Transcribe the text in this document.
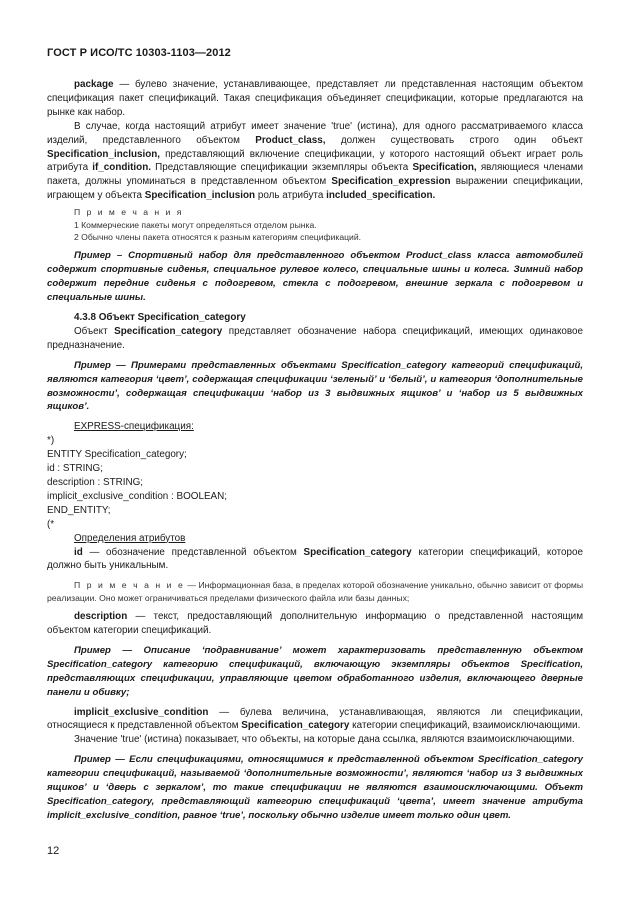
ГОСТ Р ИСО/ТС 10303-1103—2012

package — булево значение, устанавливающее, представляет ли представленная настоящим объектом спецификация пакет спецификаций. Такая спецификация объединяет спецификации, которые предлагаются на рынке как набор.

В случае, когда настоящий атрибут имеет значение 'true' (истина), для одного рассматриваемого класса изделий, представленного объектом Product_class, должен существовать строго один объект Specification_inclusion, представляющий включение спецификации, у которого настоящий объект играет роль атрибута if_condition. Представляющие спецификации экземпляры объекта Specification, являющиеся членами пакета, должны упоминаться в представленном объектом Specification_expression выражении спецификации, играющем у объекта Specification_inclusion роль атрибута included_specification.

П р и м е ч а н и я

1 Коммерческие пакеты могут определяться отделом рынка.

2 Обычно члены пакета относятся к разным категориям спецификаций.

Пример – Спортивный набор для представленного объектом Product_class класса автомобилей содержит спортивные сиденья, специальное рулевое колесо, специальные шины и колеса. Зимний набор содержит передние сиденья с подогревом, стекла с подогревом, внешние зеркала с подогревом и специальные шины.

4.3.8 Объект Specification_category

Объект Specification_category представляет обозначение набора спецификаций, имеющих одинаковое предназначение.

Пример — Примерами представленных объектами Specification_category категорий спецификаций, являются категория ‘цвет’, содержащая спецификации ‘зеленый’ и ‘белый’, и категория ‘дополнительные возможности’, содержащая спецификации ‘набор из 3 выдвижных ящиков’ и ‘набор из 5 выдвижных ящиков’.

EXPRESS-спецификация:

*)

ENTITY Specification_category;

id : STRING;

description : STRING;

implicit_exclusive_condition : BOOLEAN;

END_ENTITY;

(*

Определения атрибутов

id — обозначение представленной объектом Specification_category категории спецификаций, которое должно быть уникальным.

П р и м е ч а н и е — Информационная база, в пределах которой обозначение уникально, обычно зависит от формы реализации. Оно может ограничиваться пределами физического файла или базы данных;

description — текст, предоставляющий дополнительную информацию о представленной настоящим объектом категории спецификаций.

Пример — Описание ‘подравнивание’ может характеризовать представленную объектом Specification_category категорию спецификаций, включающую экземпляры объектов Specification, представляющих спецификации, управляющие цветом обработанного изделия, включающего дверные панели и обивку;

implicit_exclusive_condition — булева величина, устанавливающая, являются ли спецификации, относящиеся к представленной объектом Specification_category категории спецификаций, взаимоисключающими.

Значение 'true' (истина) показывает, что объекты, на которые дана ссылка, являются взаимоисключающими.

Пример — Если спецификациями, относящимися к представленной объектом Specification_category категории спецификаций, называемой ‘дополнительные возможности’, являются ‘набор из 3 выдвижных ящиков’ и ‘дверь с зеркалом’, то такие спецификации не являются взаимоисключающими. Объект Specification_category, представляющий категорию спецификаций ‘цвета’, имеет значение атрибута implicit_exclusive_condition, равное ‘true’, поскольку обычно изделие имеет только один цвет.

12
